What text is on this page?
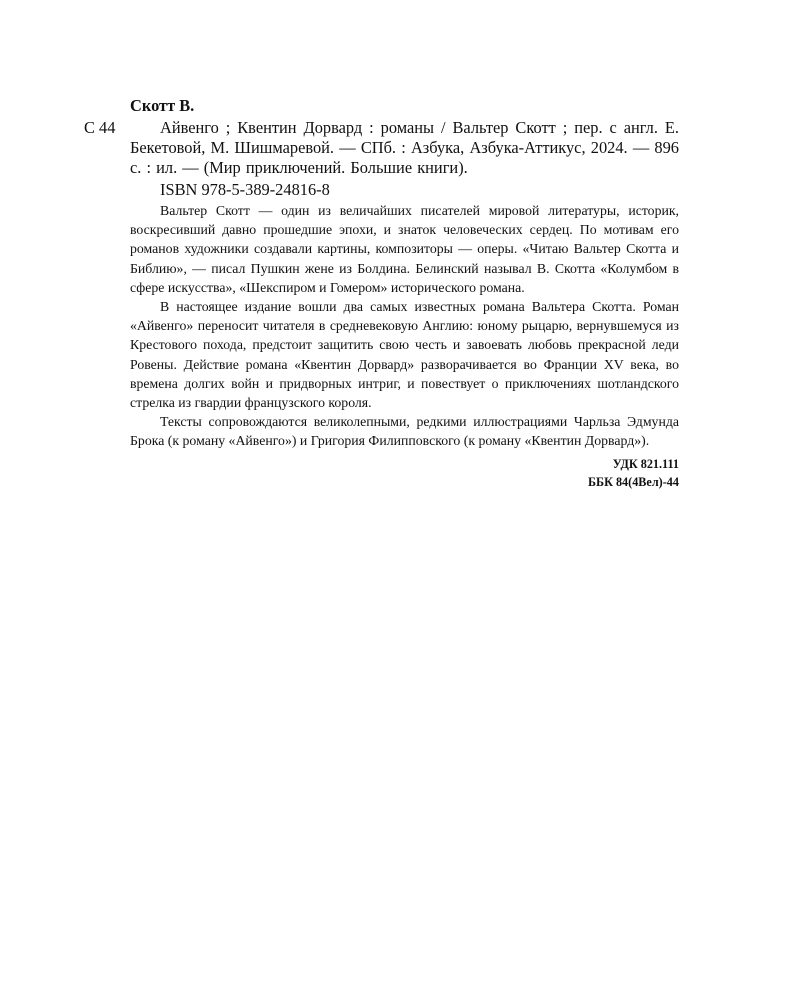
Скотт В.
С 44	Айвенго ; Квентин Дорвард : романы / Вальтер Скотт ; пер. с англ. Е. Бекетовой, М. Шишмаревой. — СПб. : Азбука, Азбука-Аттикус, 2024. — 896 с. : ил. — (Мир приключений. Большие книги).

ISBN 978-5-389-24816-8

Вальтер Скотт — один из величайших писателей мировой литературы, историк, воскресивший давно прошедшие эпохи, и знаток человеческих сердец. По мотивам его романов художники создавали картины, композиторы — оперы. «Читаю Вальтер Скотта и Библию», — писал Пушкин жене из Болдина. Белинский называл В. Скотта «Колумбом в сфере искусства», «Шекспиром и Гомером» исторического романа.

В настоящее издание вошли два самых известных романа Вальтера Скотта. Роман «Айвенго» переносит читателя в средневековую Англию: юному рыцарю, вернувшемуся из Крестового похода, предстоит защитить свою честь и завоевать любовь прекрасной леди Ровены. Действие романа «Квентин Дорвард» разворачивается во Франции XV века, во времена долгих войн и придворных интриг, и повествует о приключениях шотландского стрелка из гвардии французского короля.

Тексты сопровождаются великолепными, редкими иллюстрациями Чарльза Эдмунда Брока (к роману «Айвенго») и Григория Филипповского (к роману «Квентин Дорвард»).

УДК 821.111
ББК 84(4Вел)-44
